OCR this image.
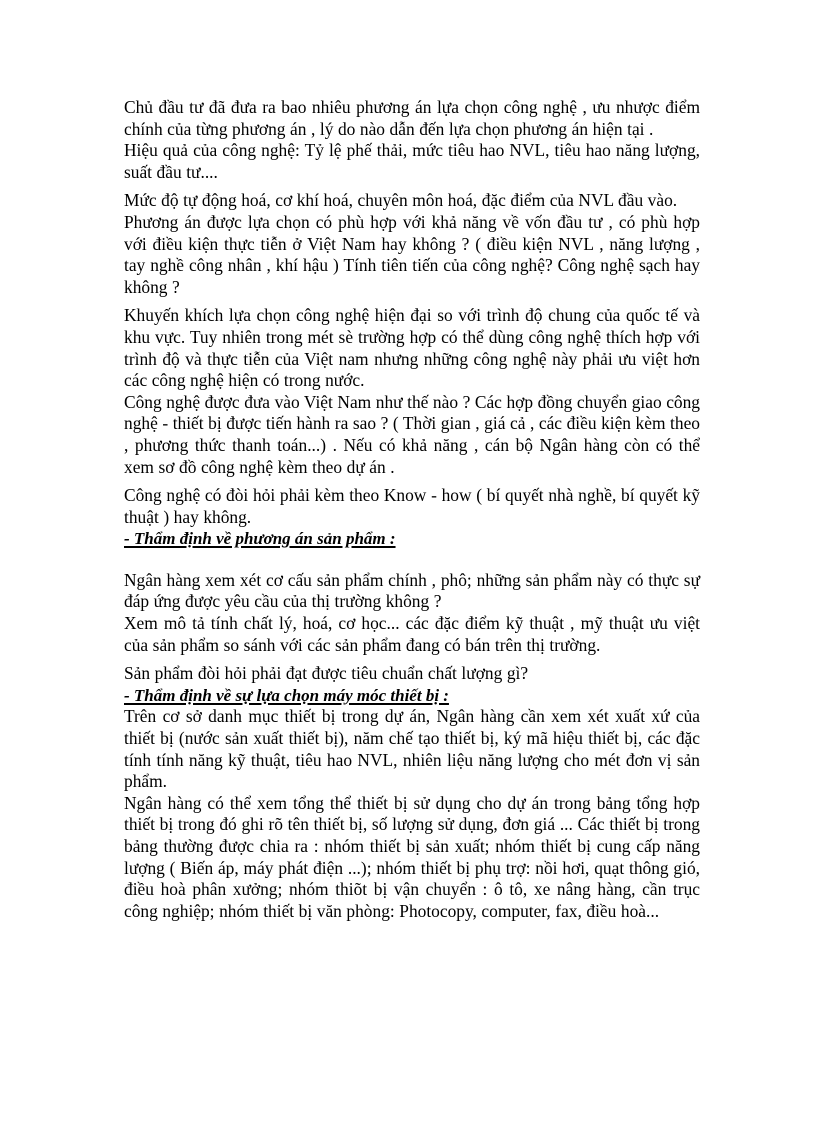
Chủ đầu tư đã đưa ra bao nhiêu phương án lựa chọn công nghệ , ưu nhược điểm chính của từng phương án , lý do nào dẫn đến lựa chọn phương án hiện tại .

Hiệu quả của công nghệ: Tỷ lệ phế thải, mức tiêu hao NVL, tiêu hao năng lượng, suất đầu tư....

Mức độ tự động hoá, cơ khí hoá, chuyên môn hoá, đặc điểm của NVL đầu vào.

Phương án được lựa chọn có phù hợp với khả năng về vốn đầu tư , có phù hợp với điều kiện thực tiễn ở Việt Nam hay không ? ( điều kiện NVL , năng lượng , tay nghề công nhân , khí hậu ) Tính tiên tiến của công nghệ? Công nghệ sạch hay không ?

Khuyến khích lựa chọn công nghệ hiện đại so với trình độ chung của quốc tế và khu vực. Tuy nhiên trong mét sè trường hợp có thể dùng công nghệ thích hợp với trình độ và thực tiễn của Việt nam nhưng những công nghệ này phải ưu việt hơn các công nghệ hiện có trong nước.

Công nghệ được đưa vào Việt Nam như thế nào ? Các hợp đồng chuyển giao công nghệ - thiết bị được tiến hành ra sao ? ( Thời gian , giá cả , các điều kiện kèm theo , phương thức thanh toán...) . Nếu có khả năng , cán bộ Ngân hàng còn có thể xem sơ đồ công nghệ kèm theo dự án .

Công nghệ có đòi hỏi phải kèm theo Know - how ( bí quyết nhà nghề, bí quyết kỹ thuật ) hay không.

- Thẩm định về phương án sản phẩm :

Ngân hàng xem xét cơ cấu sản phẩm chính , phô; những sản phẩm này có thực sự đáp ứng được yêu cầu của thị trường không ?

Xem mô tả tính chất lý, hoá, cơ học... các đặc điểm kỹ thuật , mỹ thuật ưu việt của sản phẩm so sánh với các sản phẩm đang có bán trên thị trường.

Sản phẩm đòi hỏi phải đạt được tiêu chuẩn chất lượng gì?

- Thẩm định về sự lựa chọn máy móc thiết bị :

Trên cơ sở danh mục thiết bị trong dự án, Ngân hàng cần xem xét xuất xứ của thiết bị (nước sản xuất thiết bị), năm chế tạo thiết bị, ký mã hiệu thiết bị, các đặc tính tính năng kỹ thuật, tiêu hao NVL, nhiên liệu năng lượng cho mét đơn vị sản phẩm.

Ngân hàng có thể xem tổng thể thiết bị sử dụng cho dự án trong bảng tổng hợp thiết bị trong đó ghi rõ tên thiết bị, số lượng sử dụng, đơn giá ... Các thiết bị trong bảng thường được chia ra : nhóm thiết bị sản xuất; nhóm thiết bị cung cấp năng lượng ( Biến áp, máy phát điện ...); nhóm thiết bị phụ trợ: nồi hơi, quạt thông gió, điều hoà phân xưởng; nhóm thiõt bị vận chuyển : ô tô, xe nâng hàng, cần trục công nghiệp; nhóm thiết bị văn phòng: Photocopy, computer, fax, điều hoà...
